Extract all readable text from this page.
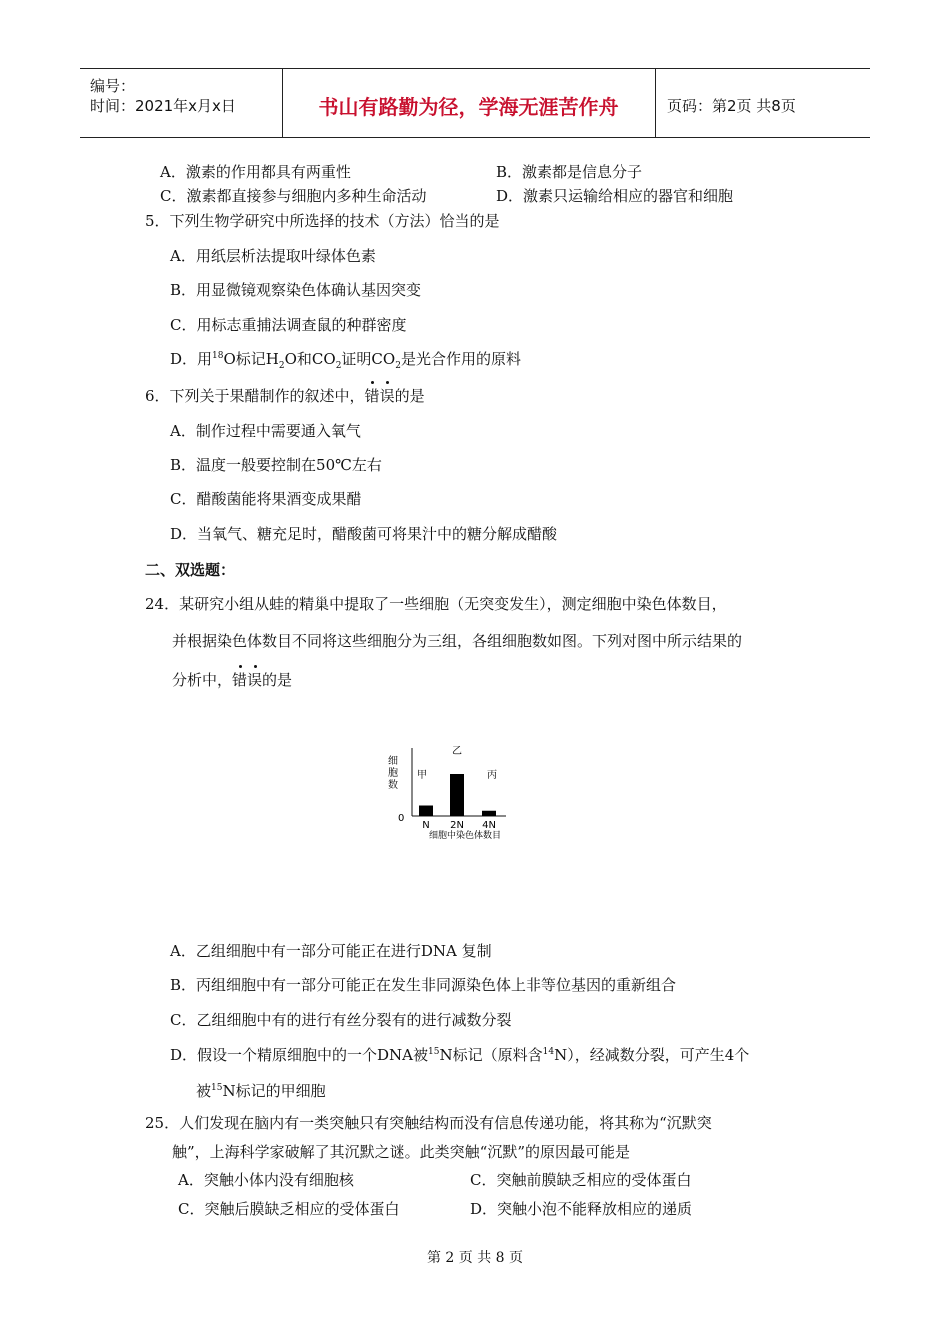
编号：
时间：2021年x月x日	书山有路勤为径，学海无涯苦作舟	页码：第2页 共8页
A．激素的作用都具有两重性	B．激素都是信息分子
C．激素都直接参与细胞内多种生命活动	D．激素只运输给相应的器官和细胞
5．下列生物学研究中所选择的技术（方法）恰当的是
A．用纸层析法提取叶绿体色素
B．用显微镜观察染色体确认基因突变
C．用标志重捕法调查鼠的种群密度
D．用$^{18}$O标记$H_2O$和$CO_2$证明$CO_2$是光合作用的原料
6．下列关于果醋制作的叙述中，错误的是
A．制作过程中需要通入氧气
B．温度一般要控制在50℃左右
C．醋酸菌能将果酒变成果醋
D．当氧气、糖充足时，醋酸菌可将果汁中的糖分解成醋酸
二、双选题：
24．某研究小组从蛙的精巢中提取了一些细胞（无突变发生），测定细胞中染色体数目，
并根据染色体数目不同将这些细胞分为三组，各组细胞数如图。下列对图中所示结果的
分析中，错误的是
细
胞
数
0
N
甲
2N
乙
4N
丙
细胞中染色体数目
A．乙组细胞中有一部分可能正在进行DNA 复制
B．丙组细胞中有一部分可能正在发生非同源染色体上非等位基因的重新组合
C．乙组细胞中有的进行有丝分裂有的进行减数分裂
D．假设一个精原细胞中的一个DNA被$^{15}$N标记（原料含$^{14}$N），经减数分裂，可产生4个
被$^{15}$N标记的甲细胞
25．人们发现在脑内有一类突触只有突触结构而没有信息传递功能，将其称为“沉默突
触”，上海科学家破解了其沉默之谜。此类突触“沉默”的原因最可能是
A．突触小体内没有细胞核	C．突触前膜缺乏相应的受体蛋白
C．突触后膜缺乏相应的受体蛋白	D．突触小泡不能释放相应的递质
第 2 页 共 8 页
